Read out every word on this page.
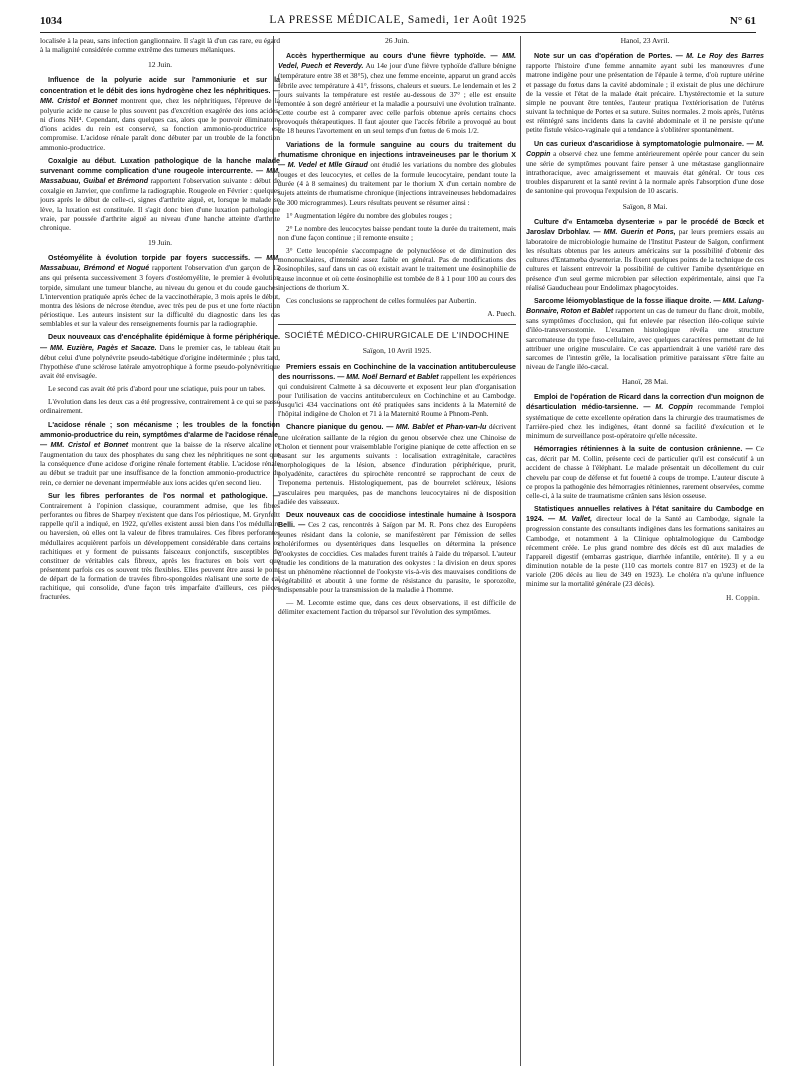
1034	LA PRESSE MÉDICALE, Samedi, 1er Août 1925	N° 61

localisée à la peau, sans infection ganglionnaire. Il s'agit là d'un cas rare, eu égard à la malignité considérée comme extrême des tumeurs mélaniques.

12 Juin.

Influence de la polyurie acide sur l'ammoniurie et sur la concentration et le débit des ions hydrogène chez les néphritiques. — MM. Cristol et Bonnet montrent que, chez les néphritiques, l'épreuve de la polyurie acide ne cause le plus souvent pas d'excrétion exagérée des ions acides, ni d'ions NH⁴. Cependant, dans quelques cas, alors que le pouvoir éliminatoire d'ions acides du rein est conservé, sa fonction ammonio-productrice est compromise. L'acidose rénale paraît donc débuter par un trouble de la fonction ammonio-productrice.

Coxalgie au début. Luxation pathologique de la hanche malade survenant comme complication d'une rougeole intercurrente. — MM. Massabuau, Guibal et Brémond rapportent l'observation suivante : début de coxalgie en Janvier, que confirme la radiographie. Rougeole en Février : quelques jours après le début de celle-ci, signes d'arthrite aiguë, et, lorsque le malade se lève, la luxation est constituée. Il s'agit donc bien d'une luxation pathologique vraie, par poussée d'arthrite aiguë au niveau d'une hanche atteinte d'arthrite chronique.

19 Juin.

Ostéomyélite à évolution torpide par foyers successifs. — MM. Massabuau, Brémond et Nogué rapportent l'observation d'un garçon de 12 ans qui présenta successivement 3 foyers d'ostéomyélite, le premier à évolution torpide, simulant une tumeur blanche, au niveau du genou et du coude gauches. L'intervention pratiquée après échec de la vaccinothérapie, 3 mois après le début, montra des lésions de nécrose étendue, avec très peu de pus et une forte réaction périostique. Les auteurs insistent sur la difficulté du diagnostic dans les cas semblables et sur la valeur des renseignements fournis par la radiographie.

Deux nouveaux cas d'encéphalite épidémique à forme périphérique. — MM. Euzière, Pagès et Sacaze. Dans le premier cas, le tableau était au début celui d'une polynévrite pseudo-tabétique d'origine indéterminée ; plus tard, l'hypothèse d'une sclérose latérale amyotrophique à forme pseudo-polynévritique avait été envisagée.

Le second cas avait été pris d'abord pour une sciatique, puis pour un tabes.

L'évolution dans les deux cas a été progressive, contrairement à ce qui se passe ordinairement.

L'acidose rénale ; son mécanisme ; les troubles de la fonction ammonio-productrice du rein, symptômes d'alarme de l'acidose rénale. — MM. Cristol et Bonnet montrent que la baisse de la réserve alcaline et l'augmentation du taux des phosphates du sang chez les néphritiques ne sont que la conséquence d'une acidose d'origine rénale fortement établie. L'acidose rénale au début se traduit par une insuffisance de la fonction ammonio-productrice du rein, ce dernier ne devenant imperméable aux ions acides qu'en second lieu.

Sur les fibres perforantes de l'os normal et pathologique. — Contrairement à l'opinion classique, couramment admise, que les fibres perforantes ou fibres de Sharpey n'existent que dans l'os périostique, M. Grynfeltt rappelle qu'il a indiqué, en 1922, qu'elles existent aussi bien dans l'os médullaire ou haversien, où elles ont la valeur de fibres tramulaires. Ces fibres perforantes médullaires acquièrent parfois un développement considérable dans certains os rachitiques et y forment de puissants faisceaux conjonctifs, susceptibles de constituer de véritables cals fibreux, après les fractures en bois vert que présentent parfois ces os souvent très flexibles. Elles peuvent être aussi le point de départ de la formation de travées fibro-spongoïdes réalisant une sorte de cal rachitique, qui consolide, d'une façon très imparfaite d'ailleurs, ces pièces fracturées.

26 Juin.

Accès hyperthermique au cours d'une fièvre typhoïde. — MM. Vedel, Puech et Reverdy. Au 14e jour d'une fièvre typhoïde d'allure bénigne (température entre 38 et 38°5), chez une femme enceinte, apparut un grand accès fébrile avec température à 41°, frissons, chaleurs et sueurs. Le lendemain et les 2 jours suivants la température est restée au-dessous de 37° ; elle est ensuite remontée à son degré antérieur et la maladie a poursuivi une évolution traînante. Cette courbe est à comparer avec celle parfois obtenue après certains chocs provoqués thérapeutiques. Il faut ajouter que l'accès fébrile a provoqué au bout de 18 heures l'avortement en un seul temps d'un fœtus de 6 mois 1/2.

Variations de la formule sanguine au cours du traitement du rhumatisme chronique en injections intraveineuses par le thorium X — M. Vedel et Mlle Giraud ont étudié les variations du nombre des globules rouges et des leucocytes, et celles de la formule leucocytaire, pendant toute la durée (4 à 8 semaines) du traitement par le thorium X d'un certain nombre de sujets atteints de rhumatisme chronique (injections intraveineuses hebdomadaires de 300 microgrammes). Leurs résultats peuvent se résumer ainsi :

1° Augmentation légère du nombre des globules rouges ;

2° Le nombre des leucocytes baisse pendant toute la durée du traitement, mais non d'une façon continue ; il remonte ensuite ;

3° Cette leucopénie s'accompagne de polynucléose et de diminution des mononucléaires, d'intensité assez faible en général. Pas de modifications des éosinophiles, sauf dans un cas où existait avant le traitement une éosinophilie de cause inconnue et où cette éosinophilie est tombée de 8 à 1 pour 100 au cours des injections de thorium X.

Ces conclusions se rapprochent de celles formulées par Aubertin.

A. Puech.
SOCIÉTÉ MÉDICO-CHIRURGICALE DE L'INDOCHINE
Saïgon, 10 Avril 1925.

Premiers essais en Cochinchine de la vaccination antituberculeuse des nourrissons. — MM. Noël Bernard et Bablet rappellent les expériences qui conduisirent Calmette à sa découverte et exposent leur plan d'organisation pour l'utilisation de vaccins antituberculeux en Cochinchine et au Cambodge. Jusqu'ici 434 vaccinations ont été pratiquées sans incidents à la Maternité de l'hôpital indigène de Cholon et 71 à la Maternité Roume à Phnom-Penh.

Chancre pianique du genou. — MM. Bablet et Phan-van-lu décrivent une ulcération saillante de la région du genou observée chez une Chinoise de Cholon et tiennent pour vraisemblable l'origine pianique de cette affection en se basant sur les arguments suivants : localisation extragénitale, caractères morphologiques de la lésion, absence d'induration périphérique, prurit, polyadénite, caractères du spirochète rencontré se rapprochant de ceux de Treponema pertenuis. Histologiquement, pas de bourrelet scléreux, lésions vasculaires peu marquées, pas de manchons leucocytaires ni de disposition radiée des vaisseaux.

Deux nouveaux cas de coccidiose intestinale humaine à Isospora Belli. — Ces 2 cas, rencontrés à Saïgon par M. R. Pons chez des Européens jeunes résidant dans la colonie, se manifestèrent par l'émission de selles cholériformes ou dysentériques dans lesquelles on détermina la présence d'ookystes de coccidies. Ces malades furent traités à l'aide du tréparsol. L'auteur étudie les conditions de la maturation des ookystes : la division en deux spores est un phénomène réactionnel de l'ookyste vis-à-vis des mauvaises conditions de végétabilité et aboutit à une forme de résistance du parasite, le sporozoïte, indispensable pour la transmission de la maladie à l'homme.

— M. Lecomte estime que, dans ces deux observations, il est difficile de délimiter exactement l'action du tréparsol sur l'évolution des symptômes.

Hanoï, 23 Avril.

Note sur un cas d'opération de Portes. — M. Le Roy des Barres rapporte l'histoire d'une femme annamite ayant subi les manœuvres d'une matrone indigène pour une présentation de l'épaule à terme, d'où rupture utérine et passage du fœtus dans la cavité abdominale ; il existait de plus une déchirure de la vessie et l'état de la malade était précaire. L'hystérectomie et la suture simple ne pouvant être tentées, l'auteur pratiqua l'extériorisation de l'utérus suivant la technique de Portes et sa suture. Suites normales. 2 mois après, l'utérus est réintégré sans incidents dans la cavité abdominale et il ne persiste qu'une petite fistule vésico-vaginale qui a tendance à s'oblitérer spontanément.

Un cas curieux d'ascaridiose à symptomatologie pulmonaire. — M. Coppin a observé chez une femme antérieurement opérée pour cancer du sein une série de symptômes pouvant faire penser à une métastase ganglionnaire intrathoracique, avec amaigrissement et mauvais état général. Or tous ces troubles disparurent et la santé revint à la normale après l'absorption d'une dose de santonine qui provoqua l'expulsion de 10 ascaris.

Saïgon, 8 Mai.

Culture d'« Entamœba dysenteriæ » par le procédé de Bœck et Jaroslav Drbohlav. — MM. Guerin et Pons, par leurs premiers essais au laboratoire de microbiologie humaine de l'Institut Pasteur de Saïgon, confirment les résultats obtenus par les auteurs américains sur la possibilité d'obtenir des cultures d'Entamœba dysenteriæ. Ils fixent quelques points de la technique de ces cultures et laissent entrevoir la possibilité de cultiver l'amibe dysentérique en présence d'un seul germe microbien par sélection expérimentale, ainsi que l'a réalisé Gauducheau pour Endolimax phagocytoides.

Sarcome léiomyoblastique de la fosse iliaque droite. — MM. Lalung-Bonnaire, Roton et Bablet rapportent un cas de tumeur du flanc droit, mobile, sans symptômes d'occlusion, qui fut enlevée par résection iléo-colique suivie d'iléo-transversostomie. L'examen histologique révéla une structure sarcomateuse du type fuso-cellulaire, avec quelques caractères permettant de lui attribuer une origine musculaire. Ce cas appartiendrait à une variété rare des sarcomes de l'intestin grêle, la localisation primitive paraissant s'être faite au niveau de l'angle iléo-cæcal.

Hanoï, 28 Mai.

Emploi de l'opération de Ricard dans la correction d'un moignon de désarticulation médio-tarsienne. — M. Coppin recommande l'emploi systématique de cette excellente opération dans la chirurgie des traumatismes de l'arrière-pied chez les indigènes, étant donné sa facilité d'exécution et le minimum de surveillance post-opératoire qu'elle nécessite.

Hémorragies rétiniennes à la suite de contusion crânienne. — Ce cas, décrit par M. Collin, présente ceci de particulier qu'il est consécutif à un accident de chasse à l'éléphant. Le malade présentait un décollement du cuir chevelu par coup de défense et fut fouetté à coups de trompe. L'auteur discute à ce propos la pathogénie des hémorragies rétiniennes, rarement observées, comme celle-ci, à la suite de traumatisme crânien sans lésion osseuse.

Statistiques annuelles relatives à l'état sanitaire du Cambodge en 1924. — M. Vallet, directeur local de la Santé au Cambodge, signale la progression constante des consultants indigènes dans les formations sanitaires au Cambodge, et notamment à la Clinique ophtalmologique du Cambodge récemment créée. Le plus grand nombre des décès est dû aux maladies de l'appareil digestif (embarras gastrique, diarrhée infantile, entérite). Il y a eu diminution notable de la peste (110 cas mortels contre 817 en 1923) et de la variole (206 décès au lieu de 349 en 1923). Le choléra n'a qu'une influence minime sur la mortalité générale (23 décès).

H. Coppin.
